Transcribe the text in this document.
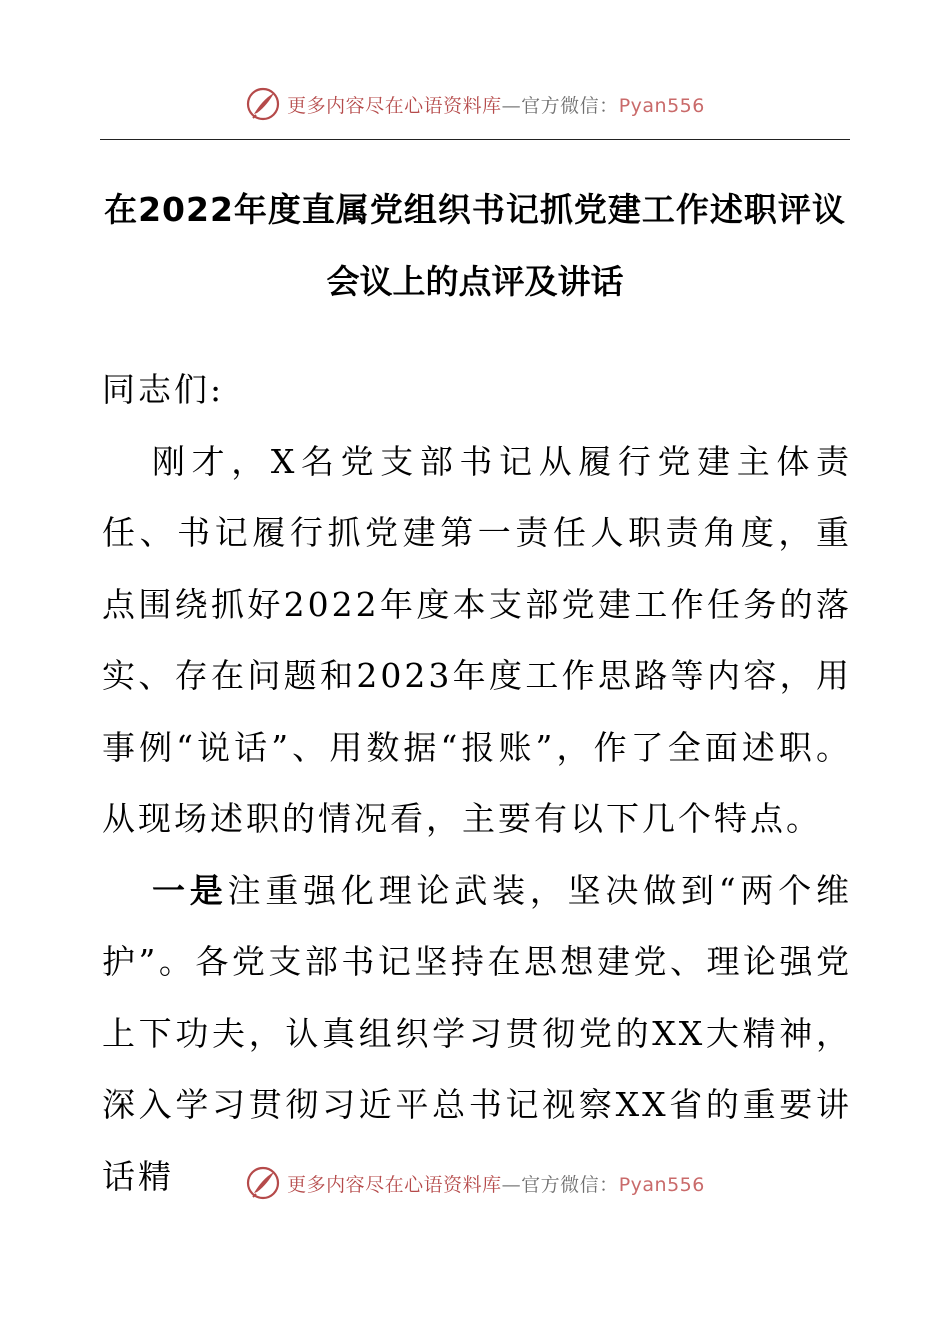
更多内容尽在心语资料库—官方微信：Pyan556
在2022年度直属党组织书记抓党建工作述职评议
会议上的点评及讲话

同志们:

刚才，X名党支部书记从履行党建主体责任、书记履行抓党建第一责任人职责角度，重点围绕抓好2022年度本支部党建工作任务的落实、存在问题和2023年度工作思路等内容，用事例“说话”、用数据“报账”，作了全面述职。从现场述职的情况看，主要有以下几个特点。

一是注重强化理论武装，坚决做到“两个维护”。各党支部书记坚持在思想建党、理论强党上下功夫，认真组织学习贯彻党的XX大精神，深入学习贯彻习近平总书记视察XX省的重要讲话精	更多内容尽在心语资料库—官方微信：Pyan556
